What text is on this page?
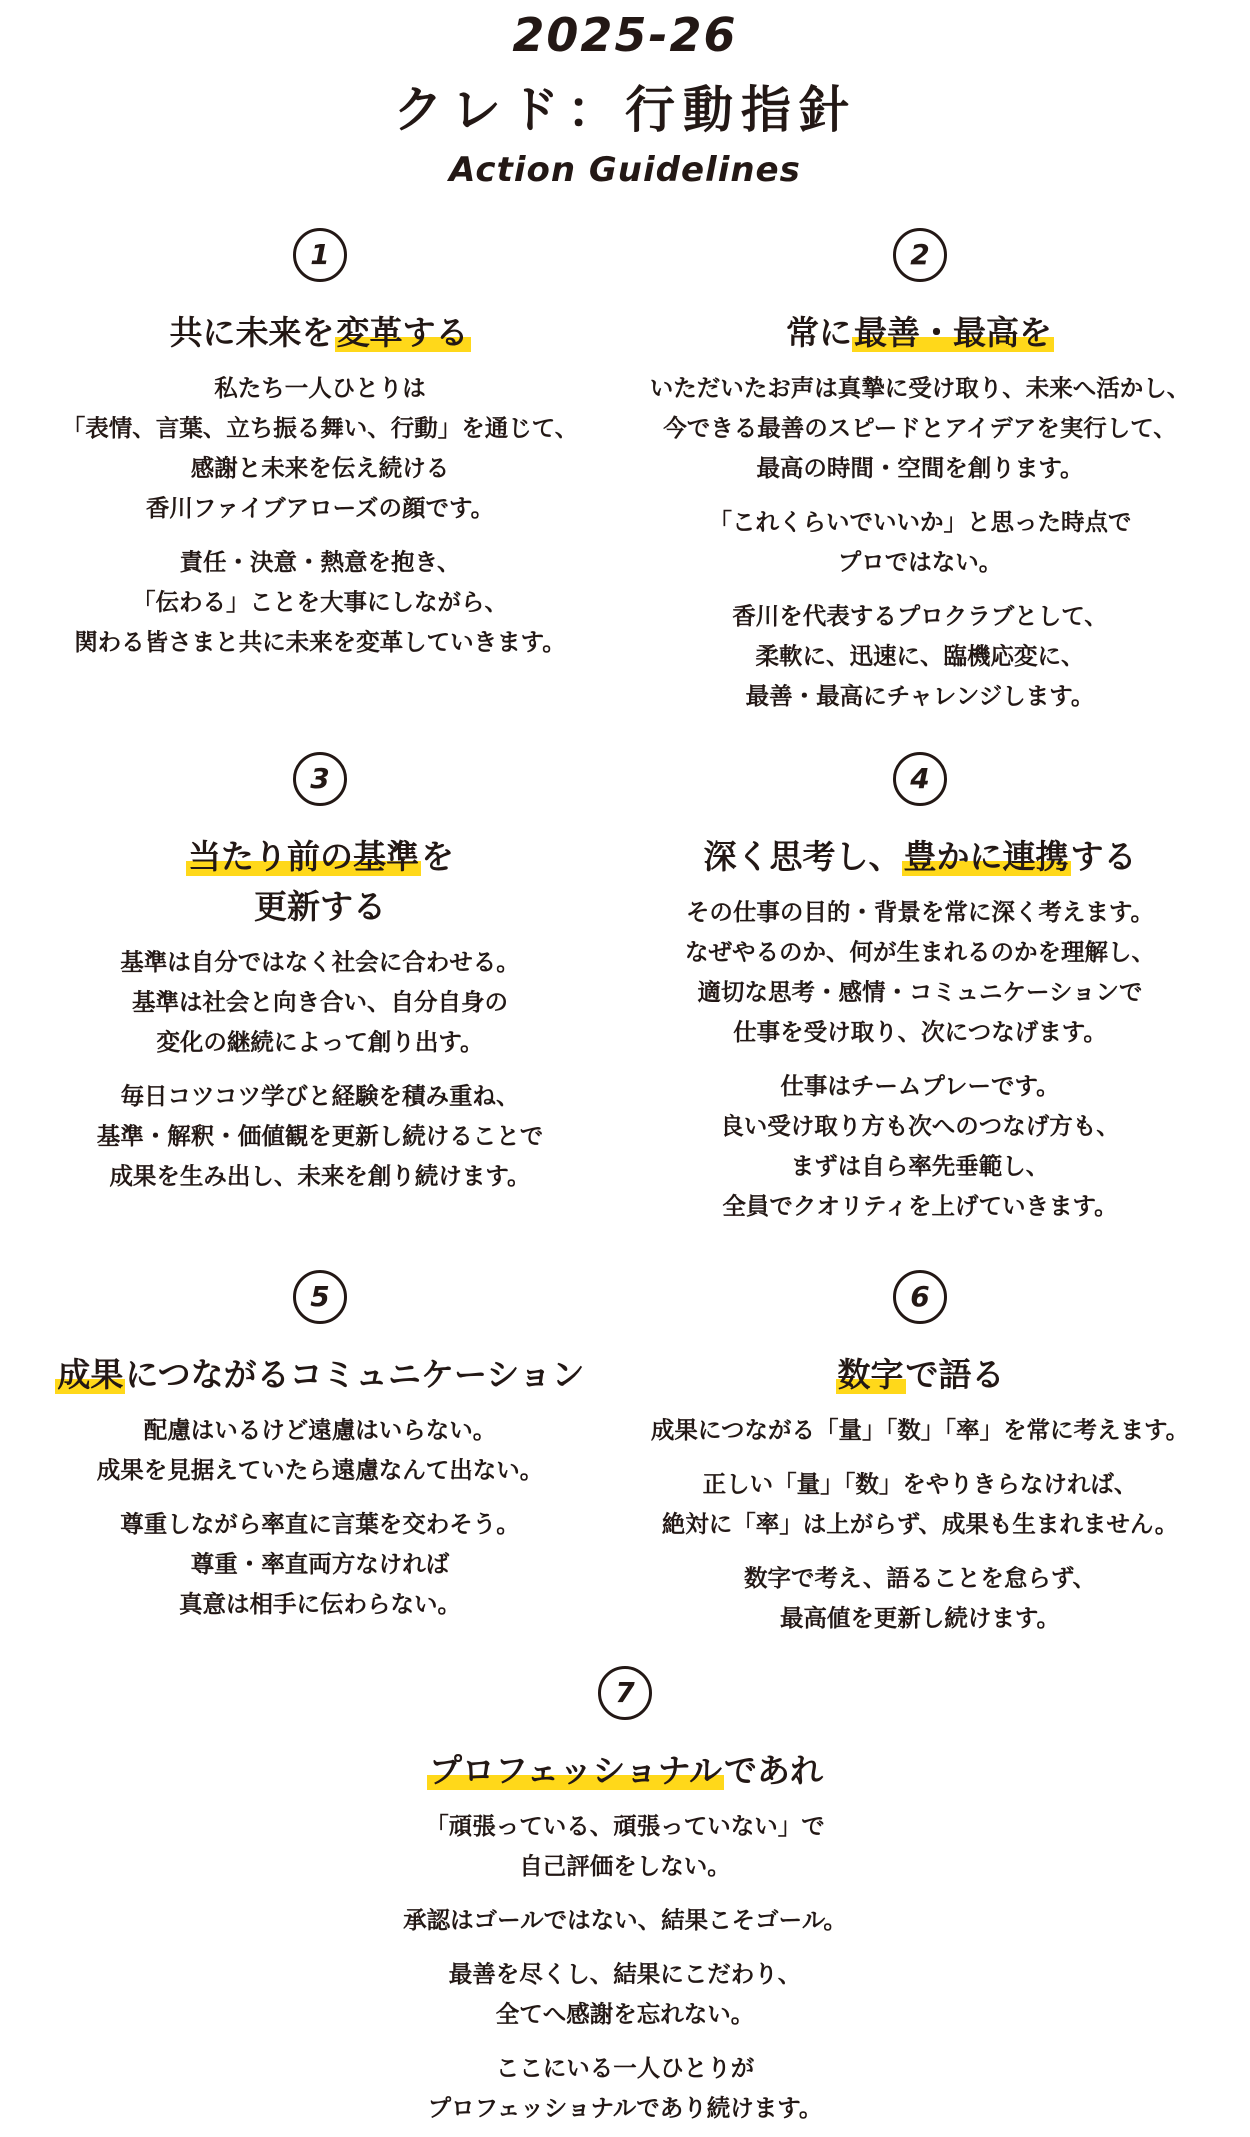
2025-26
クレド：行動指針
Action Guidelines
1
共に未来を変革する
私たち一人ひとりは
「表情、言葉、立ち振る舞い、行動」を通じて、
感謝と未来を伝え続ける
香川ファイブアローズの顔です。
責任・決意・熱意を抱き、
「伝わる」ことを大事にしながら、
関わる皆さまと共に未来を変革していきます。
2
常に最善・最高を
いただいたお声は真摯に受け取り、未来へ活かし、
今できる最善のスピードとアイデアを実行して、
最高の時間・空間を創ります。
「これくらいでいいか」と思った時点で
プロではない。
香川を代表するプロクラブとして、
柔軟に、迅速に、臨機応変に、
最善・最高にチャレンジします。
3
当たり前の基準を
更新する
基準は自分ではなく社会に合わせる。
基準は社会と向き合い、自分自身の
変化の継続によって創り出す。
毎日コツコツ学びと経験を積み重ね、
基準・解釈・価値観を更新し続けることで
成果を生み出し、未来を創り続けます。
4
深く思考し、豊かに連携する
その仕事の目的・背景を常に深く考えます。
なぜやるのか、何が生まれるのかを理解し、
適切な思考・感情・コミュニケーションで
仕事を受け取り、次につなげます。
仕事はチームプレーです。
良い受け取り方も次へのつなげ方も、
まずは自ら率先垂範し、
全員でクオリティを上げていきます。
5
成果につながるコミュニケーション
配慮はいるけど遠慮はいらない。
成果を見据えていたら遠慮なんて出ない。
尊重しながら率直に言葉を交わそう。
尊重・率直両方なければ
真意は相手に伝わらない。
6
数字で語る
成果につながる「量」「数」「率」を常に考えます。
正しい「量」「数」をやりきらなければ、
絶対に「率」は上がらず、成果も生まれません。
数字で考え、語ることを怠らず、
最高値を更新し続けます。
7
プロフェッショナルであれ
「頑張っている、頑張っていない」で
自己評価をしない。
承認はゴールではない、結果こそゴール。
最善を尽くし、結果にこだわり、
全てへ感謝を忘れない。
ここにいる一人ひとりが
プロフェッショナルであり続けます。
